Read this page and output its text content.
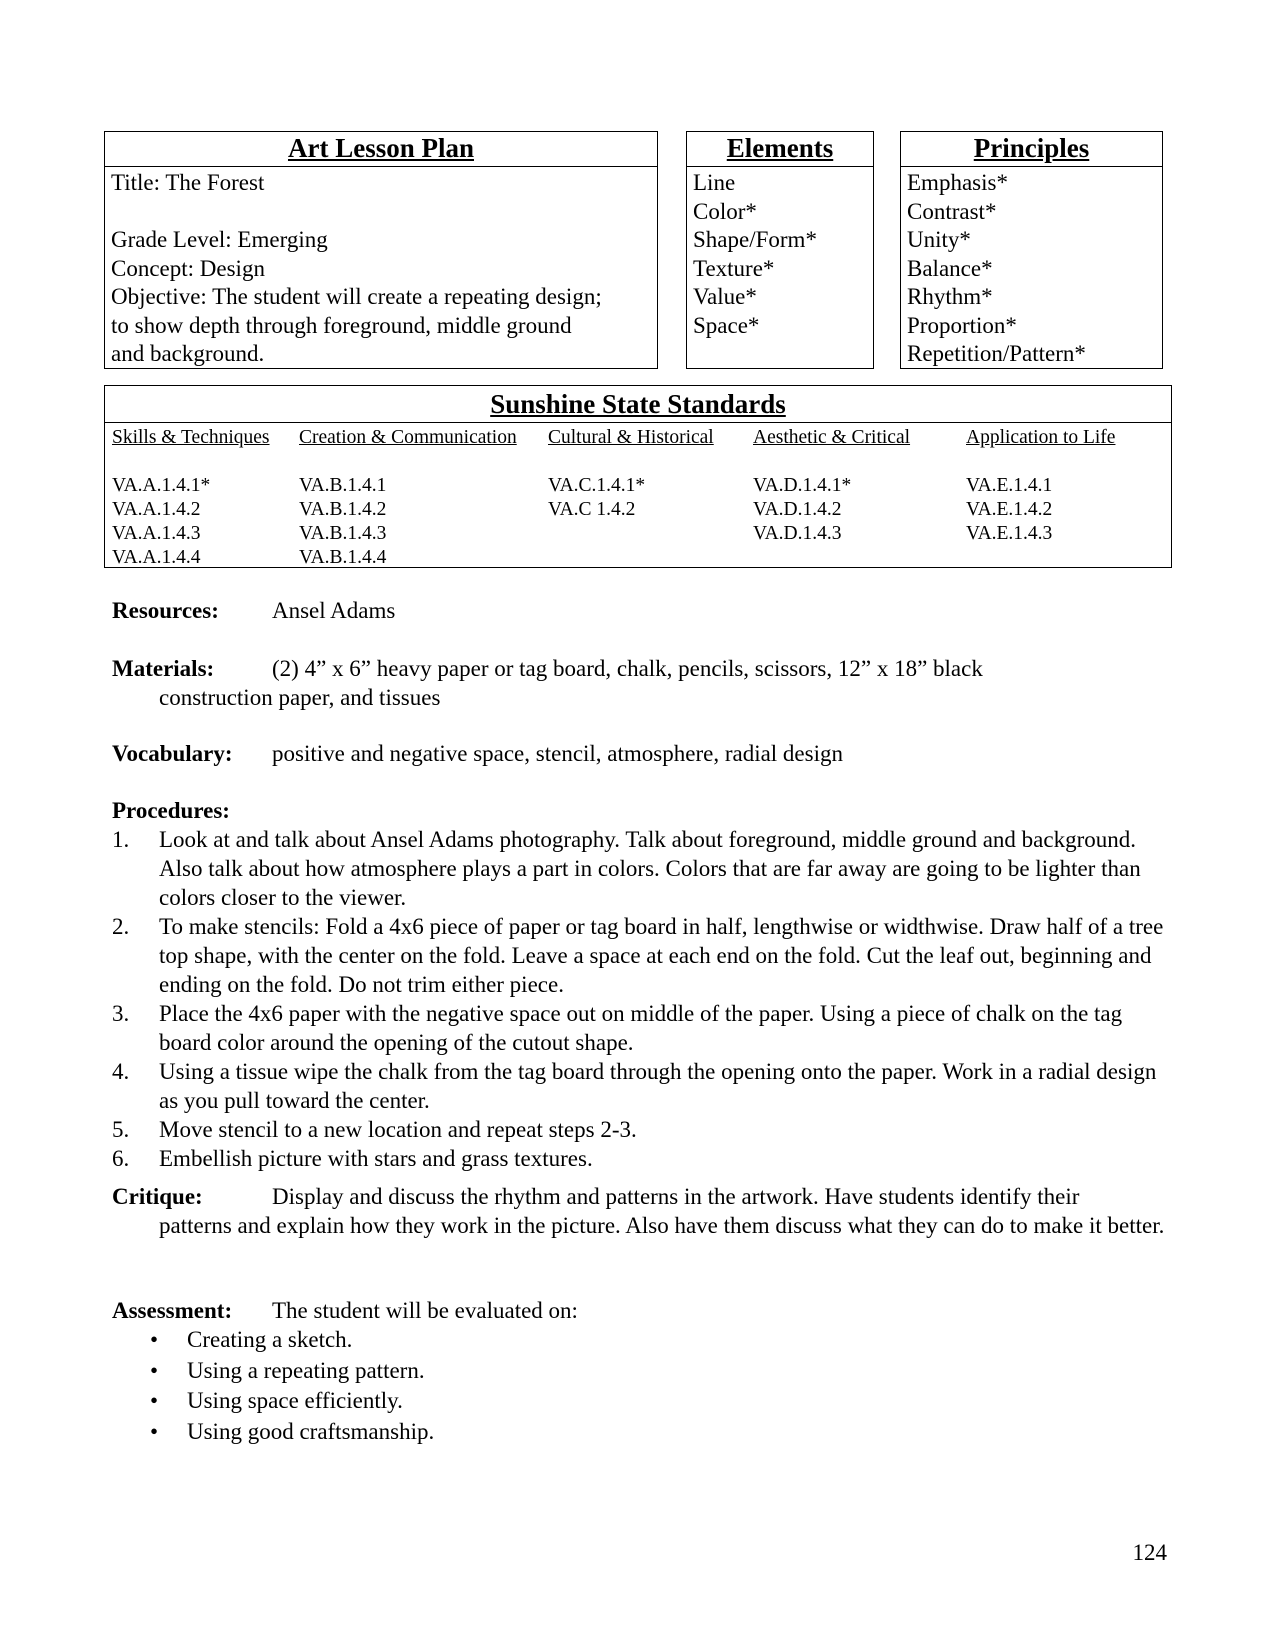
Art Lesson Plan
Title: The Forest

Grade Level: Emerging
Concept: Design
Objective: The student will create a repeating design;
to show depth through foreground, middle ground
and background.
Elements
Line
Color*
Shape/Form*
Texture*
Value*
Space*
Principles
Emphasis*
Contrast*
Unity*
Balance*
Rhythm*
Proportion*
Repetition/Pattern*
Sunshine State Standards
Skills & Techniques
VA.A.1.4.1*
VA.A.1.4.2
VA.A.1.4.3
VA.A.1.4.4
Creation & Communication
VA.B.1.4.1
VA.B.1.4.2
VA.B.1.4.3
VA.B.1.4.4
Cultural & Historical
VA.C.1.4.1*
VA.C 1.4.2
Aesthetic & Critical
VA.D.1.4.1*
VA.D.1.4.2
VA.D.1.4.3
Application to Life
VA.E.1.4.1
VA.E.1.4.2
VA.E.1.4.3
Resources: Ansel Adams
Materials:	(2) 4” x 6” heavy paper or tag board, chalk, pencils, scissors, 12” x 18” black
construction paper, and tissues
Vocabulary: positive and negative space, stencil, atmosphere, radial design
Procedures:
1. Look at and talk about Ansel Adams photography. Talk about foreground, middle ground and background. Also talk about how atmosphere plays a part in colors. Colors that are far away are going to be lighter than colors closer to the viewer.
2. To make stencils: Fold a 4x6 piece of paper or tag board in half, lengthwise or widthwise. Draw half of a tree top shape, with the center on the fold. Leave a space at each end on the fold. Cut the leaf out, beginning and ending on the fold. Do not trim either piece.
3. Place the 4x6 paper with the negative space out on middle of the paper. Using a piece of chalk on the tag board color around the opening of the cutout shape.
4. Using a tissue wipe the chalk from the tag board through the opening onto the paper. Work in a radial design as you pull toward the center.
5. Move stencil to a new location and repeat steps 2-3.
6. Embellish picture with stars and grass textures.
Critique:	Display and discuss the rhythm and patterns in the artwork. Have students identify their
patterns and explain how they work in the picture. Also have them discuss what they can do to make it better.
Assessment: The student will be evaluated on:
• Creating a sketch.
• Using a repeating pattern.
• Using space efficiently.
• Using good craftsmanship.
124
